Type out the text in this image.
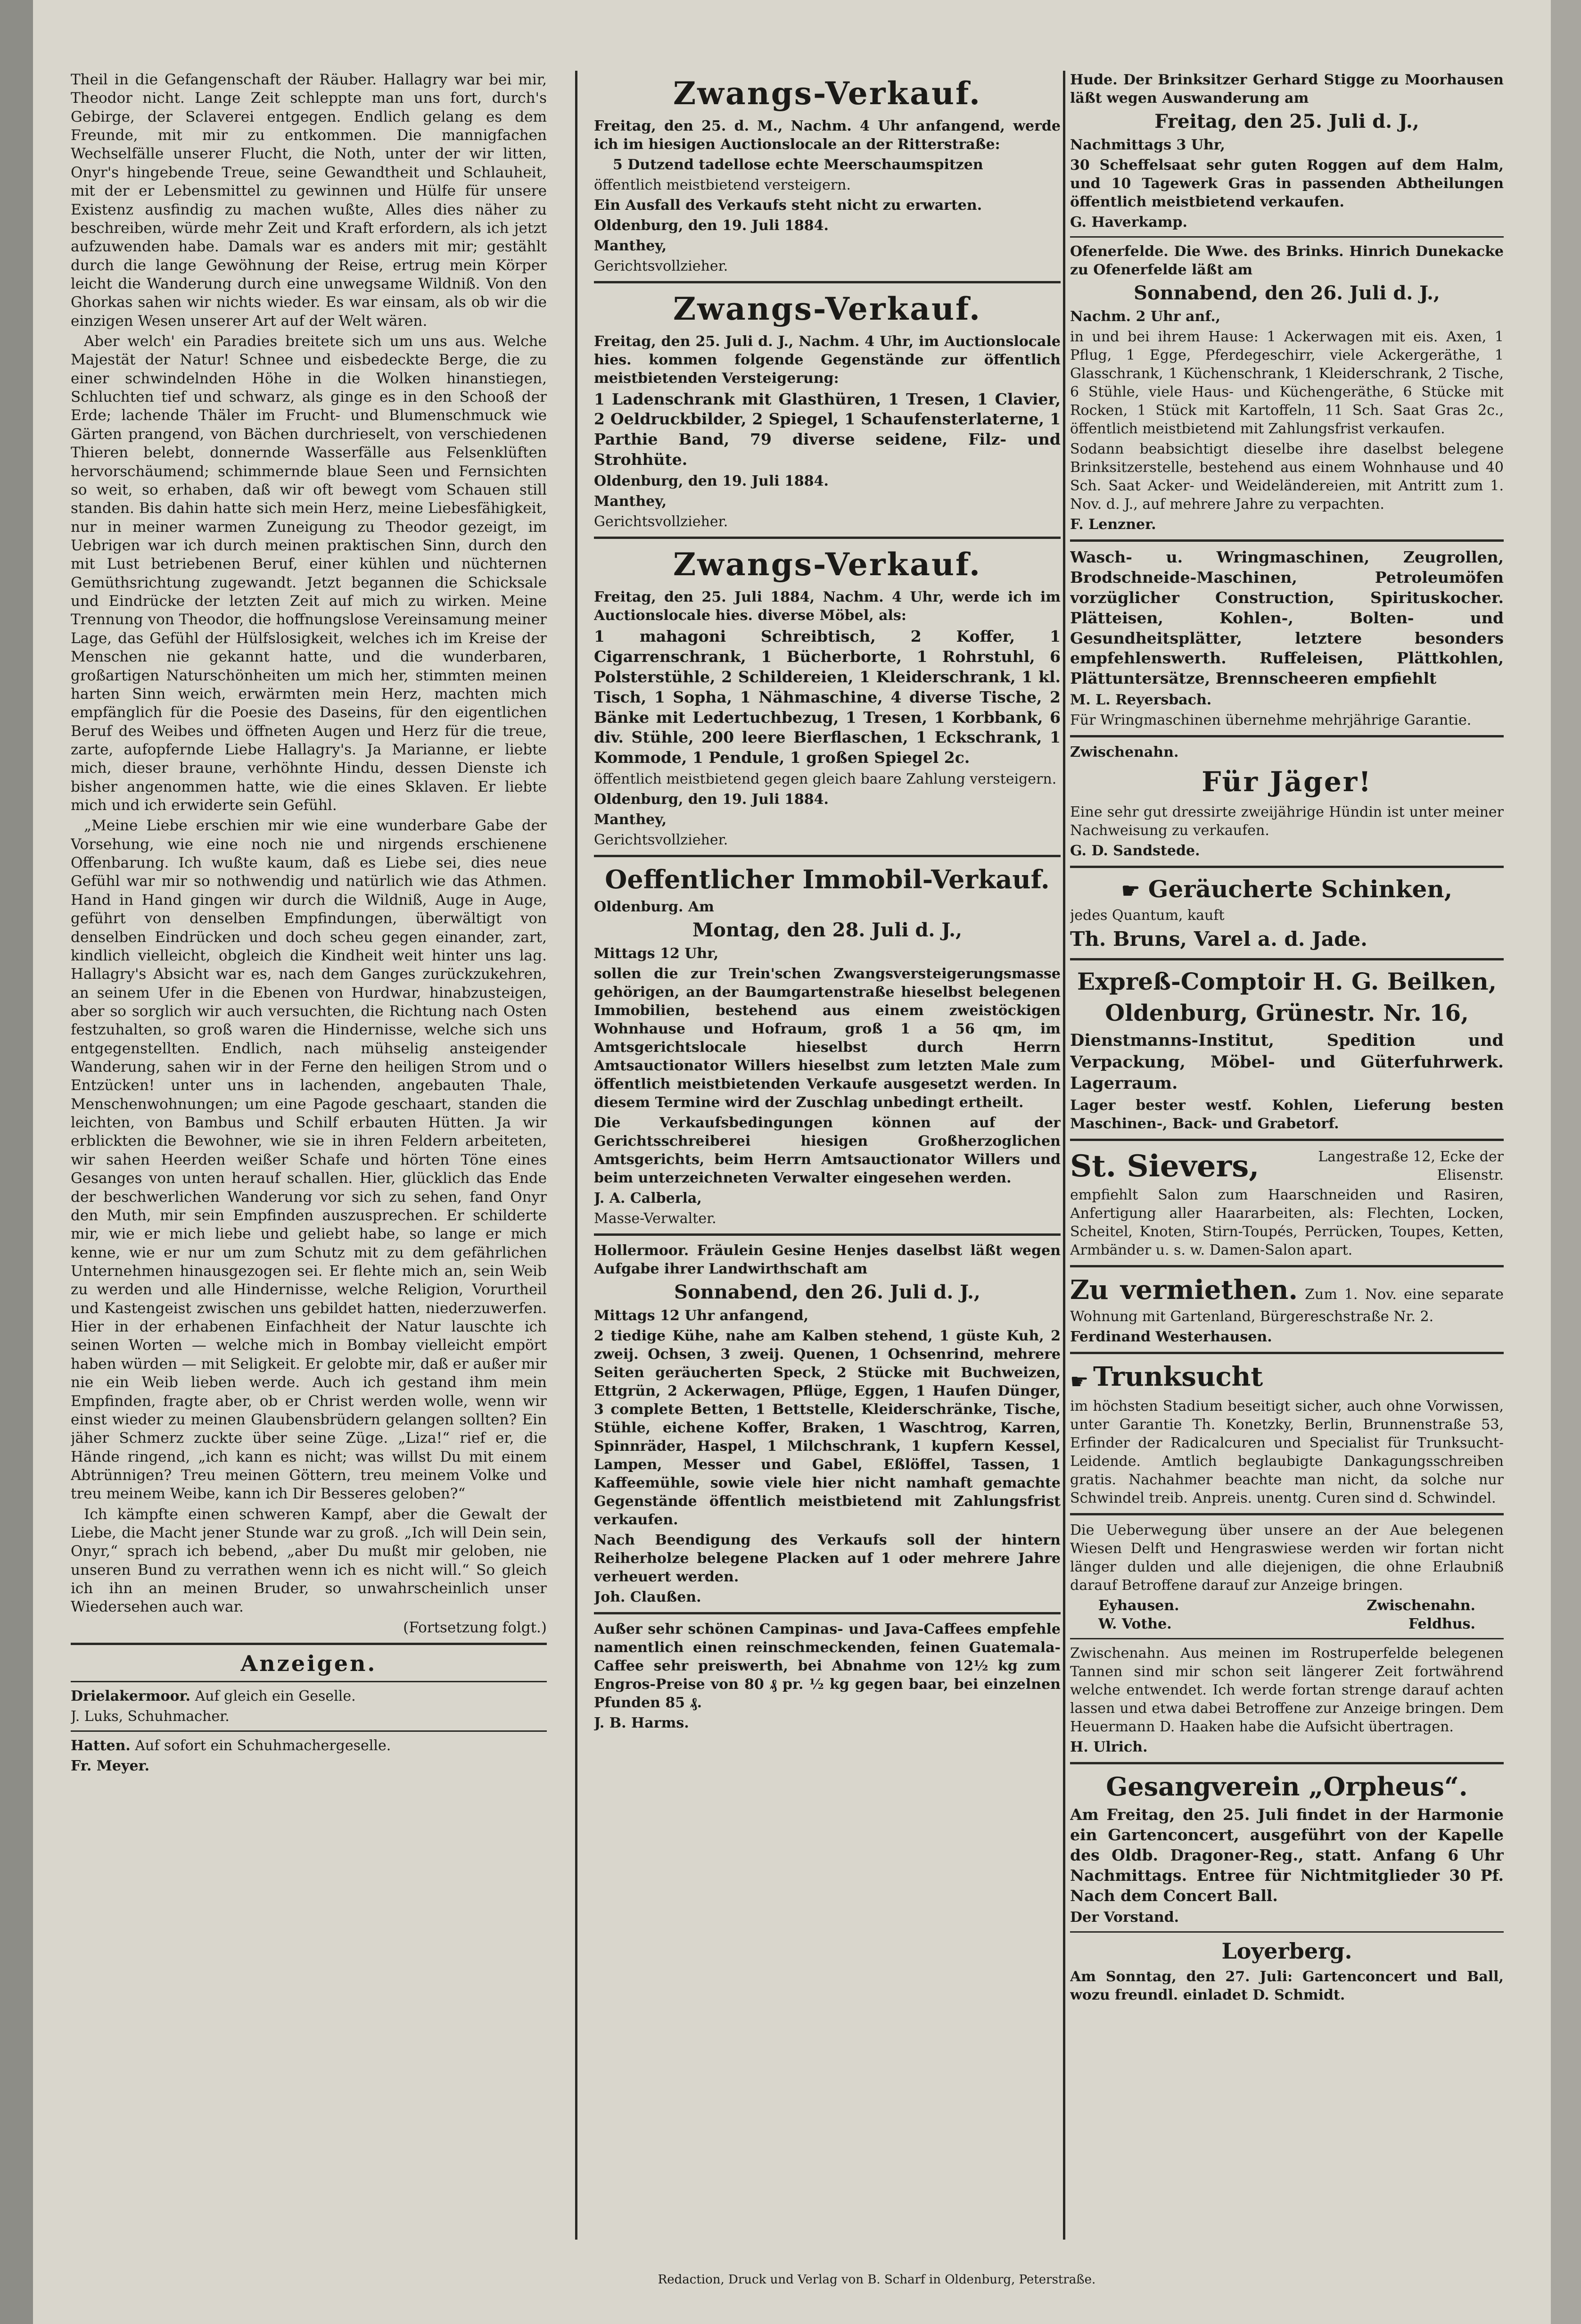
Theil in die Gefangenschaft der Räuber. Hallagry war bei mir, Theodor nicht. Lange Zeit schleppte man uns fort, durch's Gebirge, der Sclaverei entgegen. Endlich gelang es dem Freunde, mit mir zu entkommen. Die mannigfachen Wechselfälle unserer Flucht, die Noth, unter der wir litten, Onyr's hingebende Treue, seine Gewandtheit und Schlauheit, mit der er Lebensmittel zu gewinnen und Hülfe für unsere Existenz ausfindig zu machen wußte, Alles dies näher zu beschreiben, würde mehr Zeit und Kraft erfordern, als ich jetzt aufzuwenden habe. Damals war es anders mit mir; gestählt durch die lange Gewöhnung der Reise, ertrug mein Körper leicht die Wanderung durch eine unwegsame Wildniß. Von den Ghorkas sahen wir nichts wieder. Es war einsam, als ob wir die einzigen Wesen unserer Art auf der Welt wären.

Aber welch' ein Paradies breitete sich um uns aus. Welche Majestät der Natur! Schnee und eisbedeckte Berge, die zu einer schwindelnden Höhe in die Wolken hinanstiegen, Schluchten tief und schwarz, als ginge es in den Schooß der Erde; lachende Thäler im Frucht- und Blumenschmuck wie Gärten prangend, von Bächen durchrieselt, von verschiedenen Thieren belebt, donnernde Wasserfälle aus Felsenklüften hervorschäumend; schimmernde blaue Seen und Fernsichten so weit, so erhaben, daß wir oft bewegt vom Schauen still standen. Bis dahin hatte sich mein Herz, meine Liebesfähigkeit, nur in meiner warmen Zuneigung zu Theodor gezeigt, im Uebrigen war ich durch meinen praktischen Sinn, durch den mit Lust betriebenen Beruf, einer kühlen und nüchternen Gemüthsrichtung zugewandt. Jetzt begannen die Schicksale und Eindrücke der letzten Zeit auf mich zu wirken. Meine Trennung von Theodor, die hoffnungslose Vereinsamung meiner Lage, das Gefühl der Hülfslosigkeit, welches ich im Kreise der Menschen nie gekannt hatte, und die wunderbaren, großartigen Naturschönheiten um mich her, stimmten meinen harten Sinn weich, erwärmten mein Herz, machten mich empfänglich für die Poesie des Daseins, für den eigentlichen Beruf des Weibes und öffneten Augen und Herz für die treue, zarte, aufopfernde Liebe Hallagry's. Ja Marianne, er liebte mich, dieser braune, verhöhnte Hindu, dessen Dienste ich bisher angenommen hatte, wie die eines Sklaven. Er liebte mich und ich erwiderte sein Gefühl.

„Meine Liebe erschien mir wie eine wunderbare Gabe der Vorsehung, wie eine noch nie und nirgends erschienene Offenbarung. Ich wußte kaum, daß es Liebe sei, dies neue Gefühl war mir so nothwendig und natürlich wie das Athmen. Hand in Hand gingen wir durch die Wildniß, Auge in Auge, geführt von denselben Empfindungen, überwältigt von denselben Eindrücken und doch scheu gegen einander, zart, kindlich vielleicht, obgleich die Kindheit weit hinter uns lag. Hallagry's Absicht war es, nach dem Ganges zurückzukehren, an seinem Ufer in die Ebenen von Hurdwar, hinabzusteigen, aber so sorglich wir auch versuchten, die Richtung nach Osten festzuhalten, so groß waren die Hindernisse, welche sich uns entgegenstellten. Endlich, nach mühselig ansteigender Wanderung, sahen wir in der Ferne den heiligen Strom und o Entzücken! unter uns in lachenden, angebauten Thale, Menschenwohnungen; um eine Pagode geschaart, standen die leichten, von Bambus und Schilf erbauten Hütten. Ja wir erblickten die Bewohner, wie sie in ihren Feldern arbeiteten, wir sahen Heerden weißer Schafe und hörten Töne eines Gesanges von unten herauf schallen. Hier, glücklich das Ende der beschwerlichen Wanderung vor sich zu sehen, fand Onyr den Muth, mir sein Empfinden auszusprechen. Er schilderte mir, wie er mich liebe und geliebt habe, so lange er mich kenne, wie er nur um zum Schutz mit zu dem gefährlichen Unternehmen hinausgezogen sei. Er flehte mich an, sein Weib zu werden und alle Hindernisse, welche Religion, Vorurtheil und Kastengeist zwischen uns gebildet hatten, niederzuwerfen. Hier in der erhabenen Einfachheit der Natur lauschte ich seinen Worten — welche mich in Bombay vielleicht empört haben würden — mit Seligkeit. Er gelobte mir, daß er außer mir nie ein Weib lieben werde. Auch ich gestand ihm mein Empfinden, fragte aber, ob er Christ werden wolle, wenn wir einst wieder zu meinen Glaubensbrüdern gelangen sollten? Ein jäher Schmerz zuckte über seine Züge. „Liza!“ rief er, die Hände ringend, „ich kann es nicht; was willst Du mit einem Abtrünnigen? Treu meinen Göttern, treu meinem Volke und treu meinem Weibe, kann ich Dir Besseres geloben?“

Ich kämpfte einen schweren Kampf, aber die Gewalt der Liebe, die Macht jener Stunde war zu groß. „Ich will Dein sein, Onyr,“ sprach ich bebend, „aber Du mußt mir geloben, nie unseren Bund zu verrathen wenn ich es nicht will.“ So gleich ich ihn an meinen Bruder, so unwahrscheinlich unser Wiedersehen auch war.

(Fortsetzung folgt.)

Anzeigen.

Drielakermoor. Auf gleich ein Geselle.

J. Luks, Schuhmacher.

Hatten. Auf sofort ein Schuhmachergeselle.

Fr. Meyer.

Zwangs-Verkauf.

Freitag, den 25. d. M., Nachm. 4 Uhr anfangend, werde ich im hiesigen Auctionslocale an der Ritterstraße:

5 Dutzend tadellose echte Meerschaumspitzen

öffentlich meistbietend versteigern.

Ein Ausfall des Verkaufs steht nicht zu erwarten.

Oldenburg, den 19. Juli 1884.

Manthey,

Gerichtsvollzieher.

Zwangs-Verkauf.

Freitag, den 25. Juli d. J., Nachm. 4 Uhr, im Auctionslocale hies. kommen folgende Gegenstände zur öffentlich meistbietenden Versteigerung:

1 Ladenschrank mit Glasthüren, 1 Tresen, 1 Clavier, 2 Oeldruckbilder, 2 Spiegel, 1 Schaufensterlaterne, 1 Parthie Band, 79 diverse seidene, Filz- und Strohhüte.

Oldenburg, den 19. Juli 1884.

Manthey,

Gerichtsvollzieher.

Zwangs-Verkauf.

Freitag, den 25. Juli 1884, Nachm. 4 Uhr, werde ich im Auctionslocale hies. diverse Möbel, als:

1 mahagoni Schreibtisch, 2 Koffer, 1 Cigarrenschrank, 1 Bücherborte, 1 Rohrstuhl, 6 Polsterstühle, 2 Schildereien, 1 Kleiderschrank, 1 kl. Tisch, 1 Sopha, 1 Nähmaschine, 4 diverse Tische, 2 Bänke mit Ledertuchbezug, 1 Tresen, 1 Korbbank, 6 div. Stühle, 200 leere Bierflaschen, 1 Eckschrank, 1 Kommode, 1 Pendule, 1 großen Spiegel 2c.

öffentlich meistbietend gegen gleich baare Zahlung versteigern.

Oldenburg, den 19. Juli 1884.

Manthey,

Gerichtsvollzieher.

Oeffentlicher Immobil-Verkauf.

Oldenburg. Am

Montag, den 28. Juli d. J.,

Mittags 12 Uhr,

sollen die zur Trein'schen Zwangsversteigerungsmasse gehörigen, an der Baumgartenstraße hieselbst belegenen Immobilien, bestehend aus einem zweistöckigen Wohnhause und Hofraum, groß 1 a 56 qm, im Amtsgerichtslocale hieselbst durch Herrn Amtsauctionator Willers hieselbst zum letzten Male zum öffentlich meistbietenden Verkaufe ausgesetzt werden. In diesem Termine wird der Zuschlag unbedingt ertheilt.

Die Verkaufsbedingungen können auf der Gerichtsschreiberei hiesigen Großherzoglichen Amtsgerichts, beim Herrn Amtsauctionator Willers und beim unterzeichneten Verwalter eingesehen werden.

J. A. Calberla,

Masse-Verwalter.

Hollermoor. Fräulein Gesine Henjes daselbst läßt wegen Aufgabe ihrer Landwirthschaft am

Sonnabend, den 26. Juli d. J.,

Mittags 12 Uhr anfangend,

2 tiedige Kühe, nahe am Kalben stehend, 1 güste Kuh, 2 zweij. Ochsen, 3 zweij. Quenen, 1 Ochsenrind, mehrere Seiten geräucherten Speck, 2 Stücke mit Buchweizen, Ettgrün, 2 Ackerwagen, Pflüge, Eggen, 1 Haufen Dünger, 3 complete Betten, 1 Bettstelle, Kleiderschränke, Tische, Stühle, eichene Koffer, Braken, 1 Waschtrog, Karren, Spinnräder, Haspel, 1 Milchschrank, 1 kupfern Kessel, Lampen, Messer und Gabel, Eßlöffel, Tassen, 1 Kaffeemühle, sowie viele hier nicht namhaft gemachte Gegenstände öffentlich meistbietend mit Zahlungsfrist verkaufen.

Nach Beendigung des Verkaufs soll der hintern Reiherholze belegene Placken auf 1 oder mehrere Jahre verheuert werden.

Joh. Claußen.

Außer sehr schönen Campinas- und Java-Caffees empfehle namentlich einen reinschmeckenden, feinen Guatemala-Caffee sehr preiswerth, bei Abnahme von 12½ kg zum Engros-Preise von 80 ₰ pr. ½ kg gegen baar, bei einzelnen Pfunden 85 ₰.

J. B. Harms.

Hude. Der Brinksitzer Gerhard Stigge zu Moorhausen läßt wegen Auswanderung am

Freitag, den 25. Juli d. J.,

Nachmittags 3 Uhr,

30 Scheffelsaat sehr guten Roggen auf dem Halm, und 10 Tagewerk Gras in passenden Abtheilungen öffentlich meistbietend verkaufen.

G. Haverkamp.

Ofenerfelde. Die Wwe. des Brinks. Hinrich Dunekacke zu Ofenerfelde läßt am

Sonnabend, den 26. Juli d. J.,

Nachm. 2 Uhr anf.,

in und bei ihrem Hause: 1 Ackerwagen mit eis. Axen, 1 Pflug, 1 Egge, Pferdegeschirr, viele Ackergeräthe, 1 Glasschrank, 1 Küchenschrank, 1 Kleiderschrank, 2 Tische, 6 Stühle, viele Haus- und Küchengeräthe, 6 Stücke mit Rocken, 1 Stück mit Kartoffeln, 11 Sch. Saat Gras 2c., öffentlich meistbietend mit Zahlungsfrist verkaufen.

Sodann beabsichtigt dieselbe ihre daselbst belegene Brinksitzerstelle, bestehend aus einem Wohnhause und 40 Sch. Saat Acker- und Weideländereien, mit Antritt zum 1. Nov. d. J., auf mehrere Jahre zu verpachten.

F. Lenzner.

Wasch- u. Wringmaschinen, Zeugrollen, Brodschneide-Maschinen, Petroleumöfen vorzüglicher Construction, Spirituskocher. Plätteisen, Kohlen-, Bolten- und Gesundheitsplätter, letztere besonders empfehlenswerth. Ruffeleisen, Plättkohlen, Plättuntersätze, Brennscheeren empfiehlt

M. L. Reyersbach.

Für Wringmaschinen übernehme mehrjährige Garantie.

Zwischenahn.

Für Jäger!

Eine sehr gut dressirte zweijährige Hündin ist unter meiner Nachweisung zu verkaufen.

G. D. Sandstede.

☛ Geräucherte Schinken,

jedes Quantum, kauft

Th. Bruns, Varel a. d. Jade.

Expreß-Comptoir H. G. Beilken,
Oldenburg, Grünestr. Nr. 16,

Dienstmanns-Institut, Spedition und Verpackung, Möbel- und Güterfuhrwerk. Lagerraum.

Lager bester westf. Kohlen, Lieferung besten Maschinen-, Back- und Grabetorf.

St. Sievers,	Langestraße 12, Ecke der Elisenstr.

empfiehlt Salon zum Haarschneiden und Rasiren, Anfertigung aller Haararbeiten, als: Flechten, Locken, Scheitel, Knoten, Stirn-Toupés, Perrücken, Toupes, Ketten, Armbänder u. s. w. Damen-Salon apart.

Zu vermiethen. Zum 1. Nov. eine separate Wohnung mit Gartenland, Bürgereschstraße Nr. 2.

Ferdinand Westerhausen.

☛ Trunksucht

im höchsten Stadium beseitigt sicher, auch ohne Vorwissen, unter Garantie Th. Konetzky, Berlin, Brunnenstraße 53, Erfinder der Radicalcuren und Specialist für Trunksucht-Leidende. Amtlich beglaubigte Dankagungsschreiben gratis. Nachahmer beachte man nicht, da solche nur Schwindel treib. Anpreis. unentg. Curen sind d. Schwindel.

Die Ueberwegung über unsere an der Aue belegenen Wiesen Delft und Hengraswiese werden wir fortan nicht länger dulden und alle diejenigen, die ohne Erlaubniß darauf Betroffene darauf zur Anzeige bringen.

Eyhausen.	Zwischenahn.
W. Vothe.	Feldhus.

Zwischenahn. Aus meinen im Rostruperfelde belegenen Tannen sind mir schon seit längerer Zeit fortwährend welche entwendet. Ich werde fortan strenge darauf achten lassen und etwa dabei Betroffene zur Anzeige bringen. Dem Heuermann D. Haaken habe die Aufsicht übertragen.

H. Ulrich.

Gesangverein „Orpheus“.

Am Freitag, den 25. Juli findet in der Harmonie ein Gartenconcert, ausgeführt von der Kapelle des Oldb. Dragoner-Reg., statt. Anfang 6 Uhr Nachmittags. Entree für Nichtmitglieder 30 Pf. Nach dem Concert Ball.

Der Vorstand.

Loyerberg.

Am Sonntag, den 27. Juli: Gartenconcert und Ball, wozu freundl. einladet D. Schmidt.

Redaction, Druck und Verlag von B. Scharf in Oldenburg, Peterstraße.
